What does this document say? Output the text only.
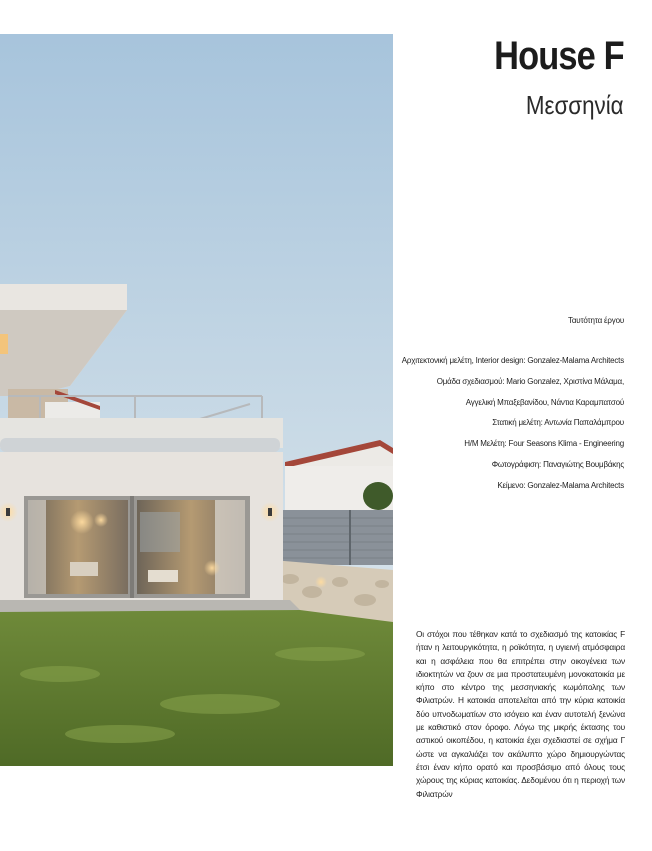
House F
Μεσσηνία
Ταυτότητα έργου
Αρχιτεκτονική μελέτη, Interior design: Gonzalez-Malama Architects
Ομάδα σχεδιασμού: Mario Gonzalez, Χριστίνα Μάλαμα,
Αγγελική Μπαξεβανίδου, Νάντια Καραμπατσού
Στατική μελέτη: Αντωνία Παπαλάμπρου
Η/Μ Μελέτη: Four Seasons Klima - Engineering
Φωτογράφιση: Παναγιώτης Βουμβάκης
Κείμενο: Gonzalez-Malama Architects

Οι στόχοι που τέθηκαν κατά το σχεδιασμό της κατοικίας F ήταν η λειτουργικότητα, η ροϊκότητα, η υγιεινή ατμόσφαιρα και η ασφάλεια που θα επιτρέπει στην οικογένεια των ιδιοκτητών να ζουν σε μια προστατευμένη μονοκατοικία με κήπο στο κέντρο της μεσσηνιακής κωμόπολης των Φιλιατρών. Η κατοικία αποτελείται από την κύρια κατοικία δύο υπνοδωματίων στο ισόγειο και έναν αυτοτελή ξενώνα με καθιστικό στον όροφο. Λόγω της μικρής έκτασης του αστικού οικοπέδου, η κατοικία έχει σχεδιαστεί σε σχήμα Γ ώστε να αγκαλιάζει τον ακάλυπτο χώρο δημιουργώντας έτσι έναν κήπο ορατό και προσβάσιμο από όλους τους χώρους της κύριας κατοικίας. Δεδομένου ότι η περιοχή των Φιλιατρών
